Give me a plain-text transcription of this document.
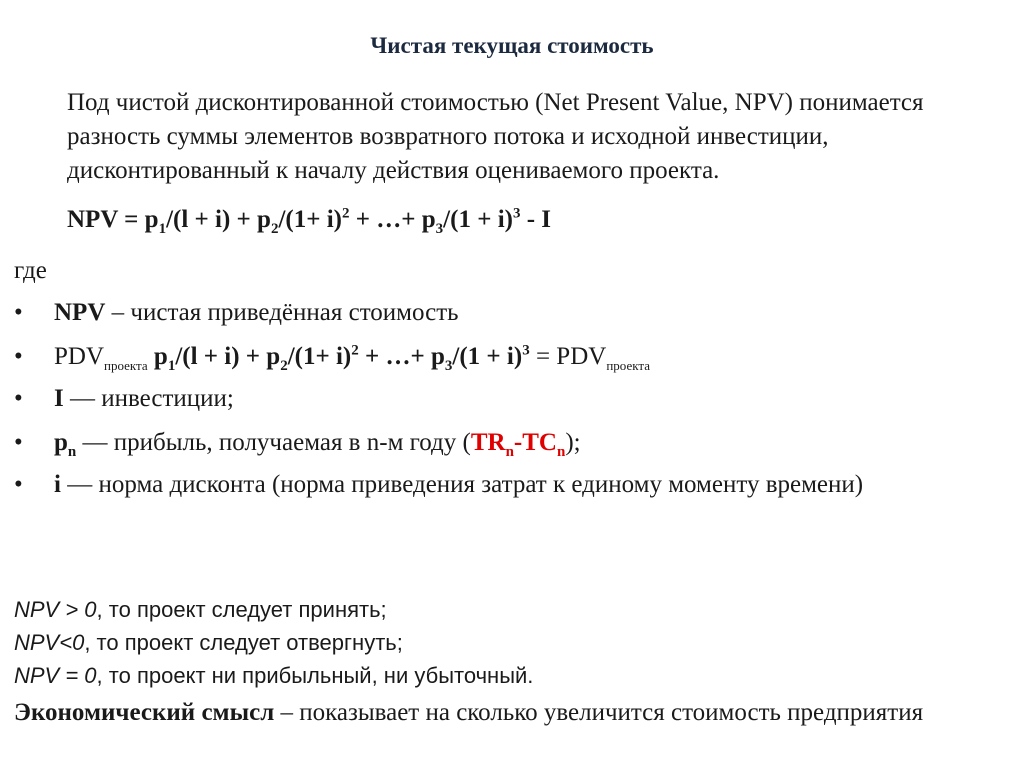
Чистая текущая стоимость
Под чистой дисконтированной стоимостью (Net Present Value, NPV) понимается разность суммы элементов возвратного потока и исходной инвестиции, дисконтированный к началу действия оцениваемого проекта.
NPV = $p_1/(l + i) + p_2/(1+ i)^2$ + …+ $p_3/(1 + i)^3 - I$
где
• NPV – чистая приведённая стоимость
• $PDV_{проекта}$ $p_1/(l + i) + p_2/(1+ i)^2$ + …+ $p_3/(1 + i)^3 = PDV_{проекта}$
• I — инвестиции;
• $p_n$ — прибыль, получаемая в n-м году $(TR_n-TC_n)$;
• i — норма дисконта (норма приведения затрат к единому моменту времени)
NPV > 0, то проект следует принять;
NPV<0, то проект следует отвергнуть;
NPV = 0, то проект ни прибыльный, ни убыточный.
Экономический смысл – показывает на сколько увеличится стоимость предприятия
